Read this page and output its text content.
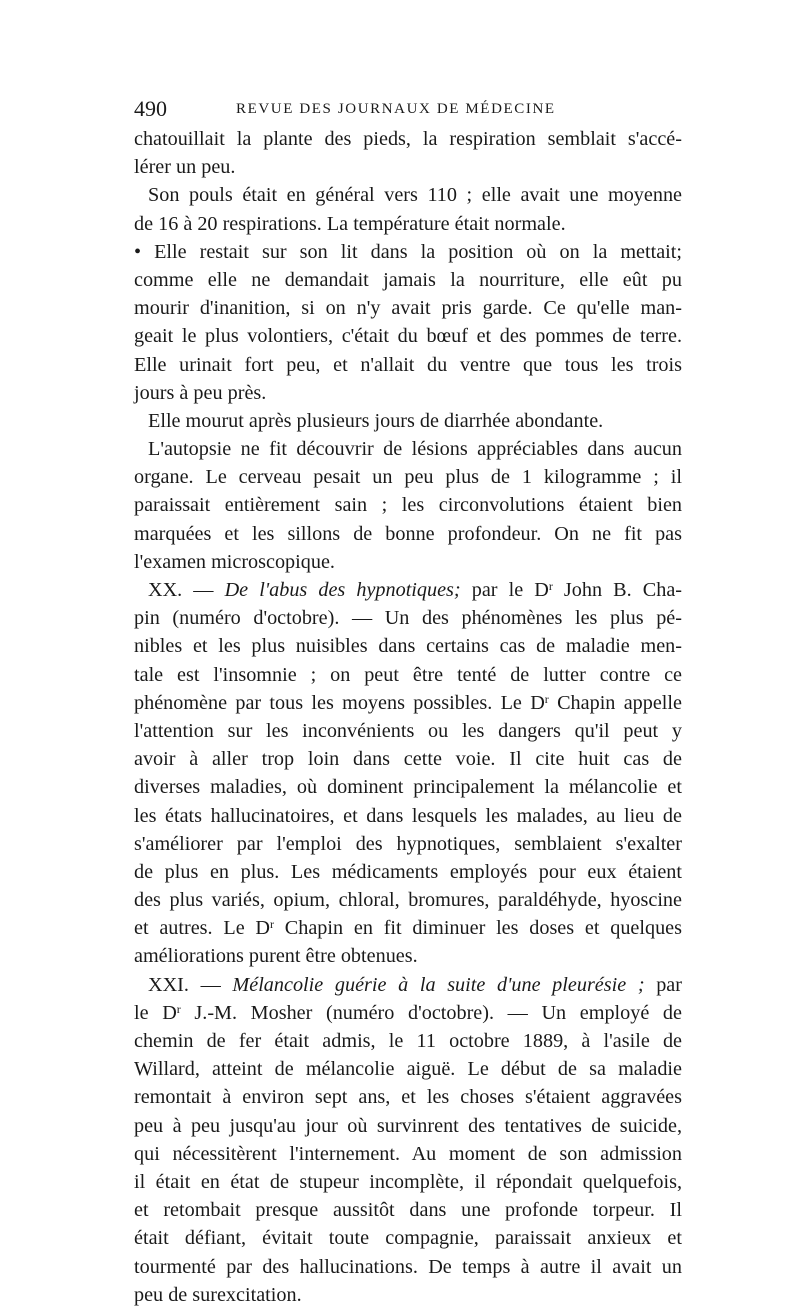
490	REVUE DES JOURNAUX DE MÉDECINE
chatouillait la plante des pieds, la respiration semblait s'accé-
lérer un peu.
Son pouls était en général vers 110 ; elle avait une moyenne
de 16 à 20 respirations. La température était normale.
• Elle restait sur son lit dans la position où on la mettait;
comme elle ne demandait jamais la nourriture, elle eût pu
mourir d'inanition, si on n'y avait pris garde. Ce qu'elle man-
geait le plus volontiers, c'était du bœuf et des pommes de terre.
Elle urinait fort peu, et n'allait du ventre que tous les trois
jours à peu près.
Elle mourut après plusieurs jours de diarrhée abondante.
L'autopsie ne fit découvrir de lésions appréciables dans aucun
organe. Le cerveau pesait un peu plus de 1 kilogramme ; il
paraissait entièrement sain ; les circonvolutions étaient bien
marquées et les sillons de bonne profondeur. On ne fit pas
l'examen microscopique.
XX. — De l'abus des hypnotiques; par le $D^r$ John B. Cha-
pin (numéro d'octobre). — Un des phénomènes les plus pé-
nibles et les plus nuisibles dans certains cas de maladie men-
tale est l'insomnie ; on peut être tenté de lutter contre ce
phénomène par tous les moyens possibles. Le $D^r$ Chapin appelle
l'attention sur les inconvénients ou les dangers qu'il peut y
avoir à aller trop loin dans cette voie. Il cite huit cas de
diverses maladies, où dominent principalement la mélancolie et
les états hallucinatoires, et dans lesquels les malades, au lieu de
s'améliorer par l'emploi des hypnotiques, semblaient s'exalter
de plus en plus. Les médicaments employés pour eux étaient
des plus variés, opium, chloral, bromures, paraldéhyde, hyoscine
et autres. Le $D^r$ Chapin en fit diminuer les doses et quelques
améliorations purent être obtenues.
XXI. — Mélancolie guérie à la suite d'une pleurésie ; par
le $D^r$ J.-M. Mosher (numéro d'octobre). — Un employé de
chemin de fer était admis, le 11 octobre 1889, à l'asile de
Willard, atteint de mélancolie aiguë. Le début de sa maladie
remontait à environ sept ans, et les choses s'étaient aggravées
peu à peu jusqu'au jour où survinrent des tentatives de suicide,
qui nécessitèrent l'internement. Au moment de son admission
il était en état de stupeur incomplète, il répondait quelquefois,
et retombait presque aussitôt dans une profonde torpeur. Il
était défiant, évitait toute compagnie, paraissait anxieux et
tourmenté par des hallucinations. De temps à autre il avait un
peu de surexcitation.
